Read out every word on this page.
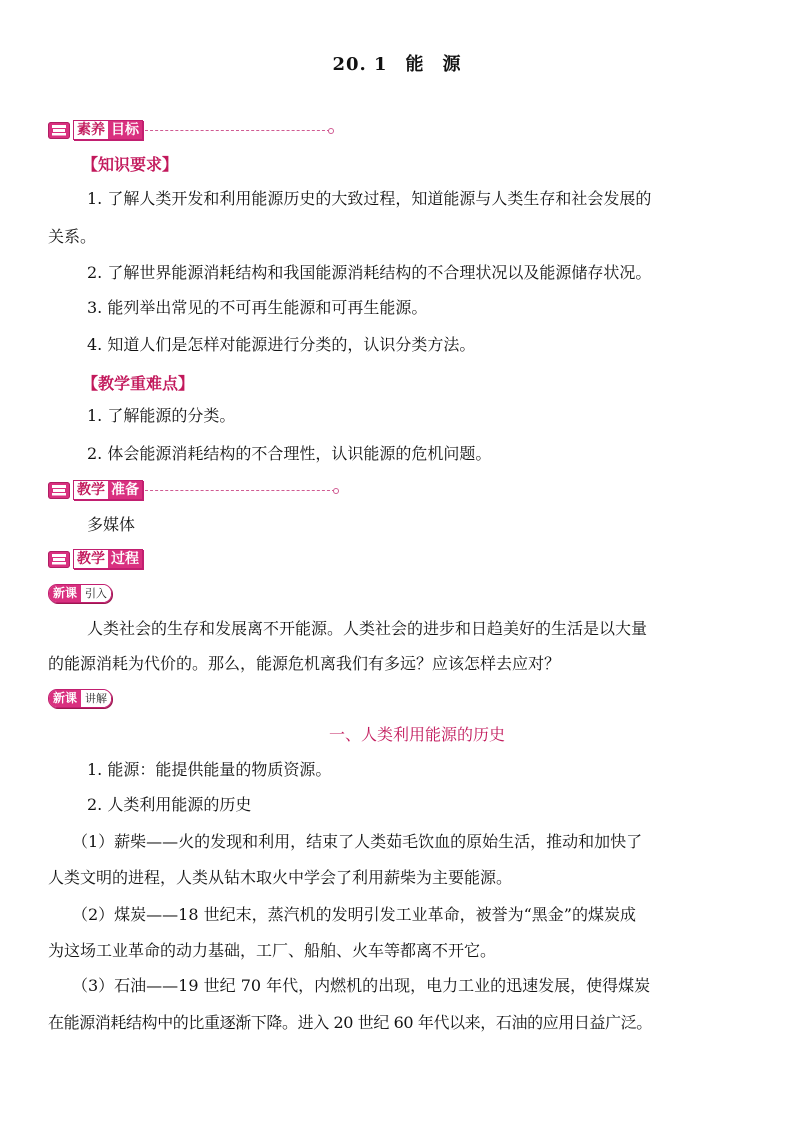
20. 1 能 源
素养 目标
【知识要求】
1. 了解人类开发和利用能源历史的大致过程，知道能源与人类生存和社会发展的
关系。
2. 了解世界能源消耗结构和我国能源消耗结构的不合理状况以及能源储存状况。
3. 能列举出常见的不可再生能源和可再生能源。
4. 知道人们是怎样对能源进行分类的，认识分类方法。
【教学重难点】
1. 了解能源的分类。
2. 体会能源消耗结构的不合理性，认识能源的危机问题。
教学 准备
多媒体
教学 过程
新课 引入
人类社会的生存和发展离不开能源。人类社会的进步和日趋美好的生活是以大量
的能源消耗为代价的。那么，能源危机离我们有多远？应该怎样去应对？
新课 讲解
一、人类利用能源的历史
1. 能源：能提供能量的物质资源。
2. 人类利用能源的历史
（1）薪柴——火的发现和利用，结束了人类茹毛饮血的原始生活，推动和加快了
人类文明的进程，人类从钻木取火中学会了利用薪柴为主要能源。
（2）煤炭——18 世纪末，蒸汽机的发明引发工业革命，被誉为“黑金”的煤炭成
为这场工业革命的动力基础，工厂、船舶、火车等都离不开它。
（3）石油——19 世纪 70 年代，内燃机的出现，电力工业的迅速发展，使得煤炭
在能源消耗结构中的比重逐渐下降。进入 20 世纪 60 年代以来，石油的应用日益广泛。
